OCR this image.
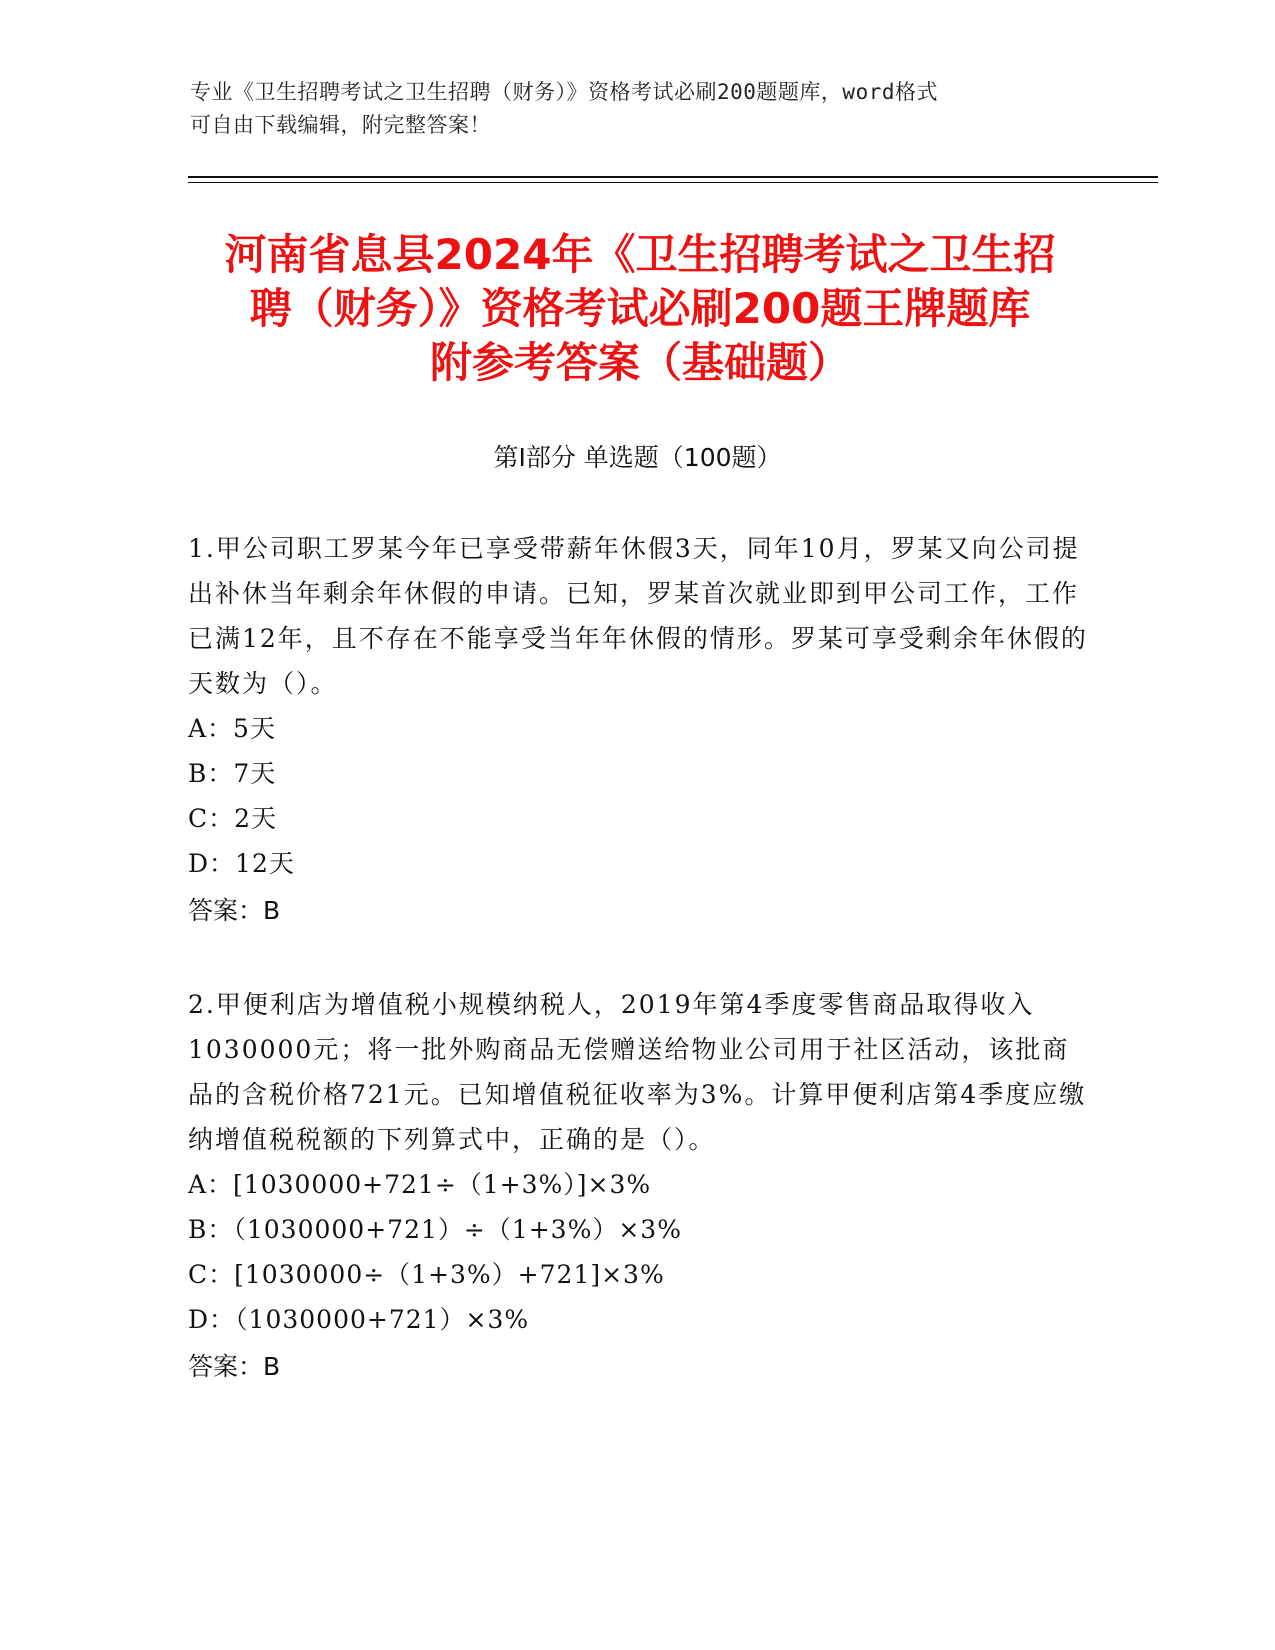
专业《卫生招聘考试之卫生招聘（财务）》资格考试必刷200题题库，word格式
可自由下载编辑，附完整答案！
河南省息县2024年《卫生招聘考试之卫生招
聘（财务）》资格考试必刷200题王牌题库
附参考答案（基础题）
第Ⅰ部分 单选题（100题）

1.甲公司职工罗某今年已享受带薪年休假3天，同年10月，罗某又向公司提出补休当年剩余年休假的申请。已知，罗某首次就业即到甲公司工作，工作已满12年，且不存在不能享受当年年休假的情形。罗某可享受剩余年休假的天数为（）。

A：5天
B：7天
C：2天
D：12天
答案：B

2.甲便利店为增值税小规模纳税人，2019年第4季度零售商品取得收入1030000元；将一批外购商品无偿赠送给物业公司用于社区活动，该批商品的含税价格721元。已知增值税征收率为3%。计算甲便利店第4季度应缴纳增值税税额的下列算式中，正确的是（）。

A：[1030000+721÷（1+3%）]×3%
B：（1030000+721）÷（1+3%）×3%
C：[1030000÷（1+3%）+721]×3%
D：（1030000+721）×3%
答案：B
